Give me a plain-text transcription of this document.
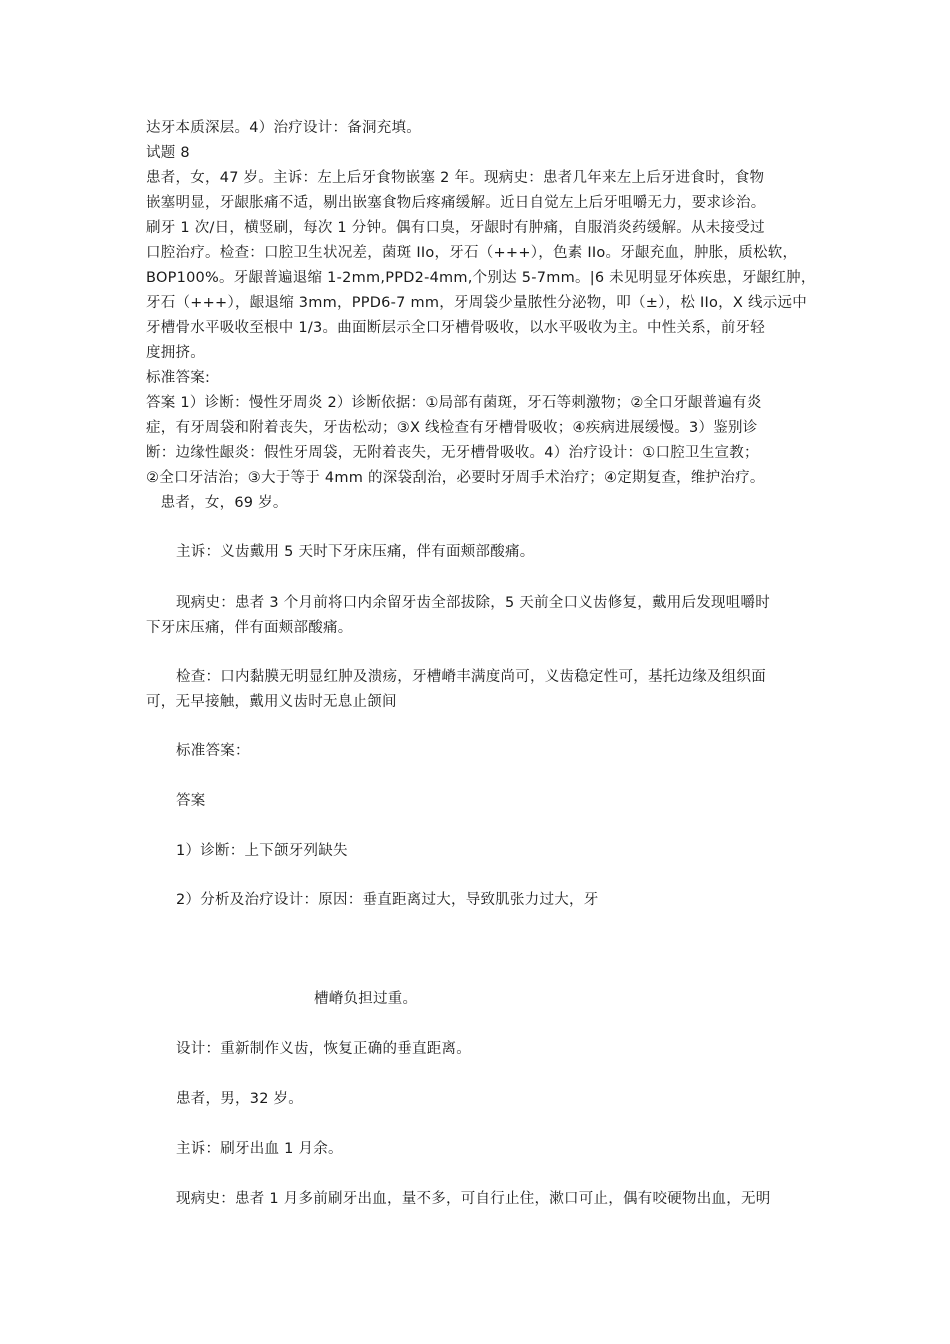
达牙本质深层。4）治疗设计：备洞充填。

试题 8

患者，女，47 岁。主诉：左上后牙食物嵌塞 2 年。现病史：患者几年来左上后牙进食时，食物

嵌塞明显，牙龈胀痛不适，剔出嵌塞食物后疼痛缓解。近日自觉左上后牙咀嚼无力，要求诊治。

刷牙 1 次/日，横竖刷，每次 1 分钟。偶有口臭，牙龈时有肿痛，自服消炎药缓解。从未接受过

口腔治疗。检查：口腔卫生状况差，菌斑 IIo，牙石（+++），色素 IIo。牙龈充血，肿胀，质松软，

BOP100%。牙龈普遍退缩 1-2mm,PPD2-4mm,个别达 5-7mm。|6 未见明显牙体疾患，牙龈红肿，

牙石（+++），龈退缩 3mm，PPD6-7 mm，牙周袋少量脓性分泌物，叩（±），松 IIo，X 线示远中

牙槽骨水平吸收至根中 1/3。曲面断层示全口牙槽骨吸收，以水平吸收为主。中性关系，前牙轻

度拥挤。

标准答案:

答案 1）诊断：慢性牙周炎 2）诊断依据：①局部有菌斑，牙石等刺激物；②全口牙龈普遍有炎

症，有牙周袋和附着丧失，牙齿松动；③X 线检查有牙槽骨吸收；④疾病进展缓慢。3）鉴别诊

断：边缘性龈炎：假性牙周袋，无附着丧失，无牙槽骨吸收。4）治疗设计：①口腔卫生宣教；

②全口牙洁治；③大于等于 4mm 的深袋刮治，必要时牙周手术治疗；④定期复查，维护治疗。

患者，女，69 岁。

主诉：义齿戴用 5 天时下牙床压痛，伴有面颊部酸痛。

现病史：患者 3 个月前将口内余留牙齿全部拔除，5 天前全口义齿修复，戴用后发现咀嚼时

下牙床压痛，伴有面颊部酸痛。

检查：口内黏膜无明显红肿及溃疡，牙槽嵴丰满度尚可，义齿稳定性可，基托边缘及组织面

可，无早接触，戴用义齿时无息止颌间

标准答案：

答案

1）诊断：上下颌牙列缺失

2）分析及治疗设计：原因：垂直距离过大，导致肌张力过大，牙

槽嵴负担过重。

设计：重新制作义齿，恢复正确的垂直距离。

患者，男，32 岁。

主诉：刷牙出血 1 月余。

现病史：患者 1 月多前刷牙出血，量不多，可自行止住，漱口可止，偶有咬硬物出血，无明
